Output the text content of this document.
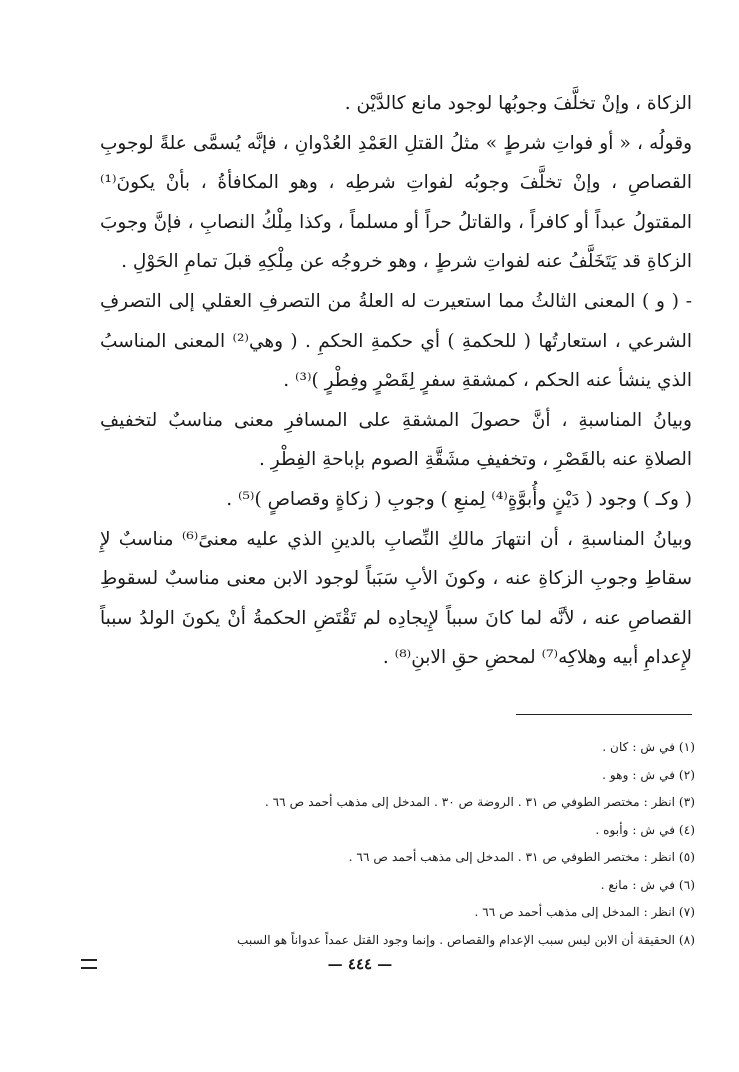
الزكاة ، وإنْ تخلَّفَ وجوبُها لوجود مانع كالدَّيْن .

وقولُه ، « أو فواتِ شرطٍ » مثلُ القتلِ العَمْدِ العُدْوانِ ، فإنَّه يُسمَّى علةً لوجوبِ القصاصِ ، وإنْ تخلَّفَ وجوبُه لفواتِ شرطِه ، وهو المكافأةُ ، بأنْ يكونَ⁽¹⁾ المقتولُ عبداً أو كافراً ، والقاتلُ حراً أو مسلماً ، وكذا مِلْكُ النصابِ ، فإنَّ وجوبَ الزكاةِ قد يَتَخَلَّفُ عنه لفواتِ شرطٍ ، وهو خروجُه عن مِلْكِهِ قبلَ تمامِ الحَوْلِ .

- ( و ) المعنى الثالثُ مما استعيرت له العلةُ من التصرفِ العقلي إلى التصرفِ الشرعي ، استعارتُها ( للحكمةِ ) أي حكمةِ الحكمِ . ( وهي⁽²⁾ المعنى المناسبُ الذي ينشأ عنه الحكم ، كمشقةِ سفرٍ لِقَصْرٍ وفِطْرٍ )⁽³⁾ .

وبيانُ المناسبةِ ، أنَّ حصولَ المشقةِ على المسافرِ معنى مناسبٌ لتخفيفِ الصلاةِ عنه بالقَصْرِ ، وتخفيفِ مشَقَّةِ الصوم بإباحةِ الفِطْرِ .

( وكـ ) وجود ( دَيْنٍ وأُبوَّةٍ⁽⁴⁾ لِمنعِ ) وجوبِ ( زكاةٍ وقصاصٍ )⁽⁵⁾ .

وبيانُ المناسبةِ ، أن انتهارَ مالكِ النِّصابِ بالدينِ الذي عليه معنىً⁽⁶⁾ مناسبٌ لإِ سقاطِ وجوبِ الزكاةِ عنه ، وكونَ الأبِ سَبَباً لوجود الابن معنى مناسبٌ لسقوطِ القصاصِ عنه ، لأنَّه لما كانَ سبباً لإِيجادِه لم تَقْتَضِ الحكمةُ أنْ يكونَ الولدُ سبباً لإِعدامِ أبيه وهلاكِه⁽⁷⁾ لمحضِ حقِ الابنِ⁽⁸⁾ .

(١) في ش : كان .
(٢) في ش : وهو .
(٣) انظر : مختصر الطوفي ص ٣١ . الروضة ص ٣٠ . المدخل إلى مذهب أحمد ص ٦٦ .
(٤) في ش : وأبوه .
(٥) انظر : مختصر الطوفي ص ٣١ . المدخل إلى مذهب أحمد ص ٦٦ .
(٦) في ش : مانع .
(٧) انظر : المدخل إلى مذهب أحمد ص ٦٦ .
(٨) الحقيقة أن الابن ليس سبب الإعدام والقصاص . وإنما وجود القتل عمداً عدواناً هو السبب
— ٤٤٤ —
